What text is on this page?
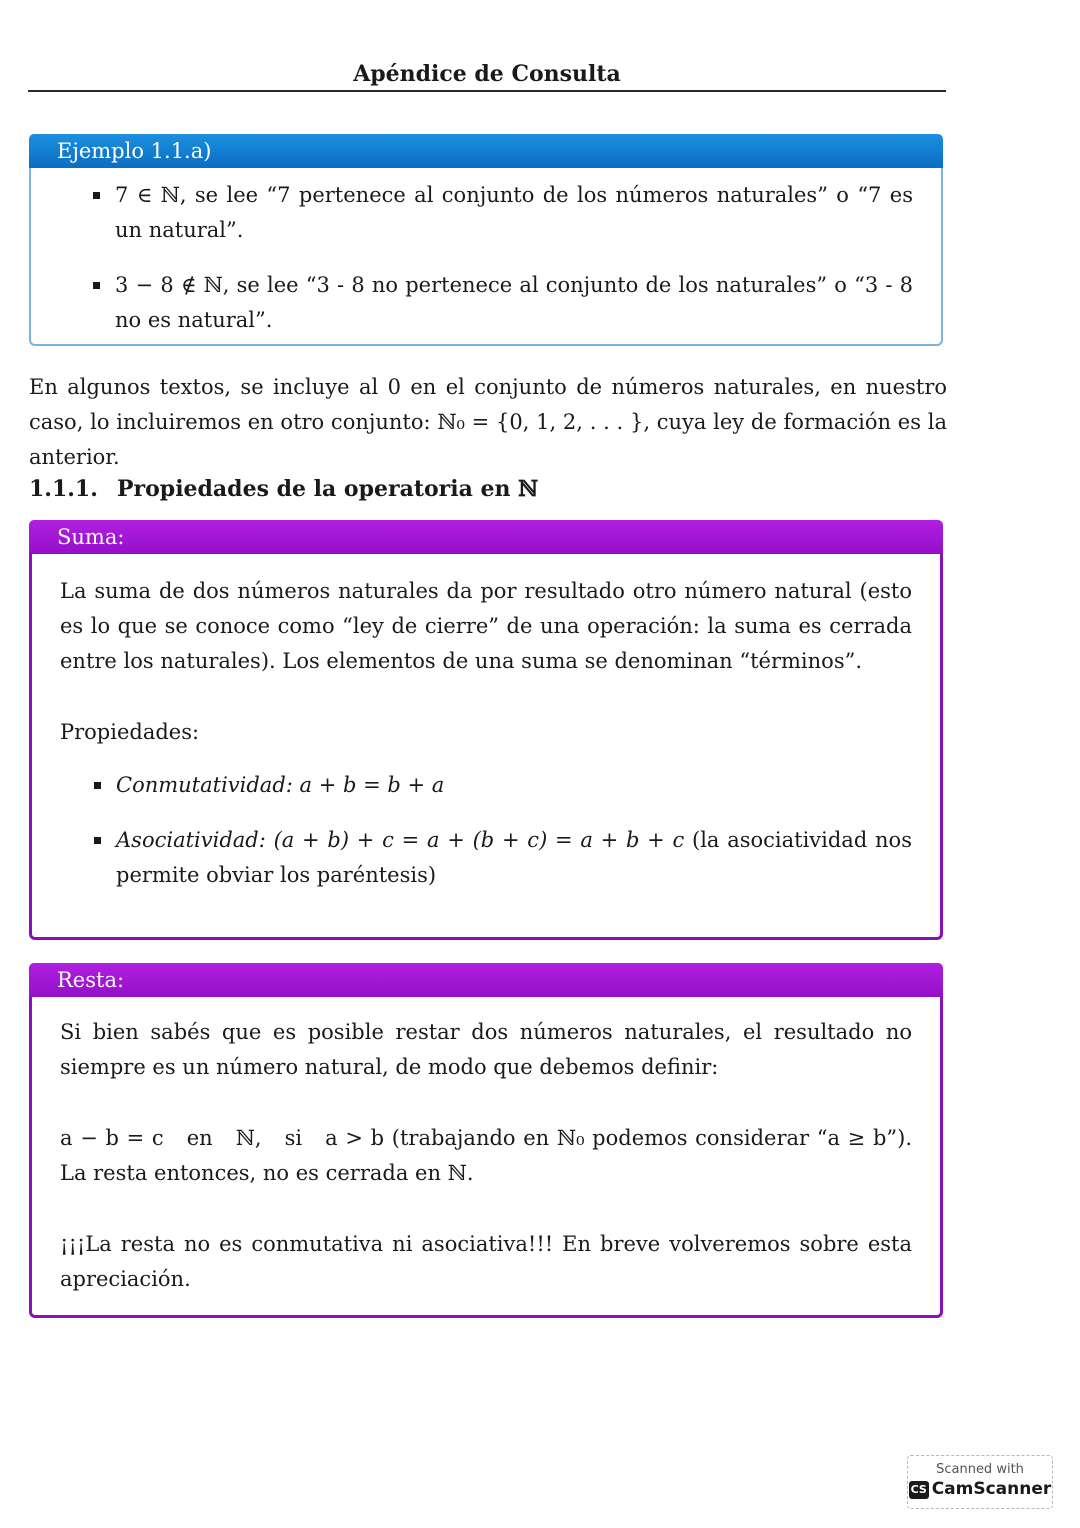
Apéndice de Consulta
Ejemplo 1.1.a)
7 ∈ ℕ, se lee “7 pertenece al conjunto de los números naturales” o “7 es un natural”.
3 − 8 ∉ ℕ, se lee “3 - 8 no pertenece al conjunto de los naturales” o “3 - 8 no es natural”.
En algunos textos, se incluye al 0 en el conjunto de números naturales, en nuestro caso, lo incluiremos en otro conjunto: ℕ₀ = {0, 1, 2, . . . }, cuya ley de formación es la anterior.
1.1.1. Propiedades de la operatoria en ℕ
Suma:
La suma de dos números naturales da por resultado otro número natural (esto es lo que se conoce como “ley de cierre” de una operación: la suma es cerrada entre los naturales). Los elementos de una suma se denominan “términos”.
Propiedades:
Conmutatividad: a + b = b + a
Asociatividad: (a + b) + c = a + (b + c) = a + b + c (la asociatividad nos permite obviar los paréntesis)
Resta:
Si bien sabés que es posible restar dos números naturales, el resultado no siempre es un número natural, de modo que debemos definir:
a − b = c   en   ℕ,   si   a > b (trabajando en ℕ₀ podemos considerar “a ≥ b”). La resta entonces, no es cerrada en ℕ.
¡¡¡La resta no es conmutativa ni asociativa!!! En breve volveremos sobre esta apreciación.
Scanned with
CS CamScanner
